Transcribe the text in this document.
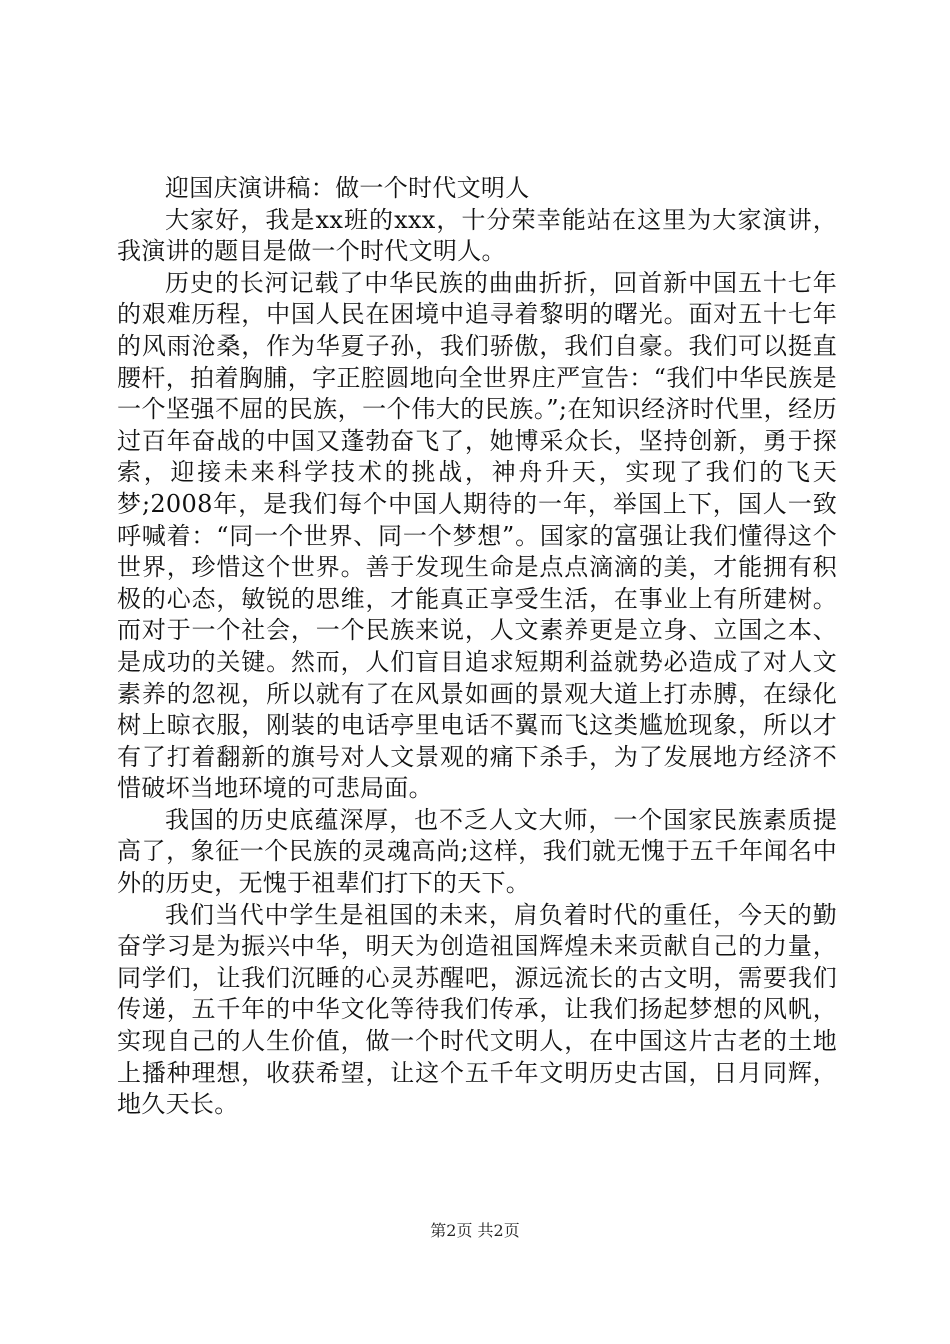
迎国庆演讲稿：做一个时代文明人

大家好，我是xx班的xxx，十分荣幸能站在这里为大家演讲，我演讲的题目是做一个时代文明人。

历史的长河记载了中华民族的曲曲折折，回首新中国五十七年的艰难历程，中国人民在困境中追寻着黎明的曙光。面对五十七年的风雨沧桑，作为华夏子孙，我们骄傲，我们自豪。我们可以挺直腰杆，拍着胸脯，字正腔圆地向全世界庄严宣告：“我们中华民族是一个坚强不屈的民族，一个伟大的民族。”;在知识经济时代里，经历过百年奋战的中国又蓬勃奋飞了，她博采众长，坚持创新，勇于探索，迎接未来科学技术的挑战，神舟升天，实现了我们的飞天梦;2008年，是我们每个中国人期待的一年，举国上下，国人一致呼喊着：“同一个世界、同一个梦想”。国家的富强让我们懂得这个世界，珍惜这个世界。善于发现生命是点点滴滴的美，才能拥有积极的心态，敏锐的思维，才能真正享受生活，在事业上有所建树。而对于一个社会，一个民族来说，人文素养更是立身、立国之本、是成功的关键。然而，人们盲目追求短期利益就势必造成了对人文素养的忽视，所以就有了在风景如画的景观大道上打赤膊，在绿化树上晾衣服，刚装的电话亭里电话不翼而飞这类尴尬现象，所以才有了打着翻新的旗号对人文景观的痛下杀手，为了发展地方经济不惜破坏当地环境的可悲局面。

我国的历史底蕴深厚，也不乏人文大师，一个国家民族素质提高了，象征一个民族的灵魂高尚;这样，我们就无愧于五千年闻名中外的历史，无愧于祖辈们打下的天下。

我们当代中学生是祖国的未来，肩负着时代的重任，今天的勤奋学习是为振兴中华，明天为创造祖国辉煌未来贡献自己的力量，同学们，让我们沉睡的心灵苏醒吧，源远流长的古文明，需要我们传递，五千年的中华文化等待我们传承，让我们扬起梦想的风帆，实现自己的人生价值，做一个时代文明人，在中国这片古老的土地上播种理想，收获希望，让这个五千年文明历史古国，日月同辉，地久天长。

第2页 共2页
